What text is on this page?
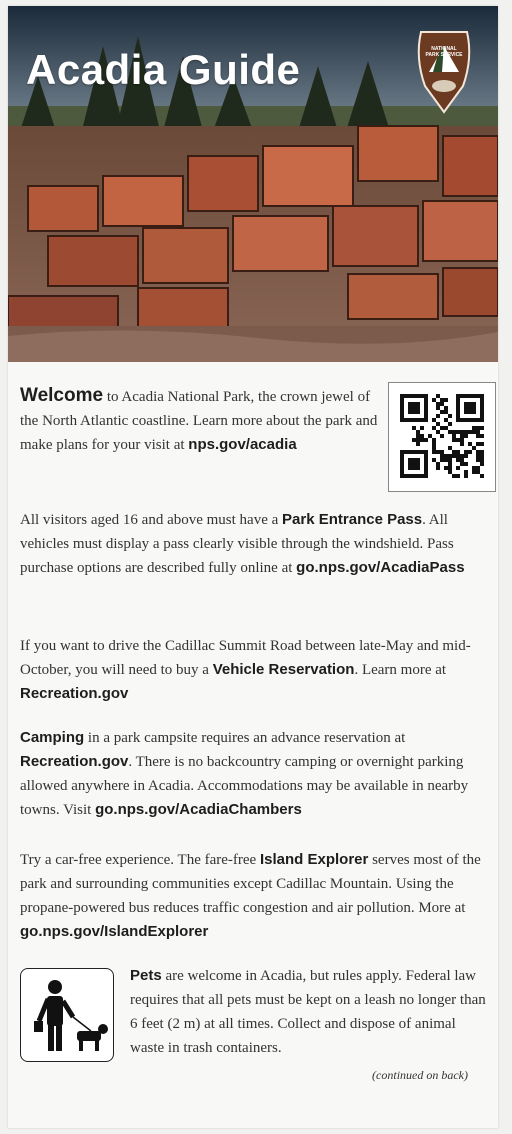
Acadia Guide	NATIONAL PARK SERVICE
Welcome to Acadia National Park, the crown jewel of the North Atlantic coastline. Learn more about the park and make plans for your visit at nps.gov/acadia
All visitors aged 16 and above must have a Park Entrance Pass. All vehicles must display a pass clearly visible through the windshield. Pass purchase options are described fully online at go.nps.gov/AcadiaPass
If you want to drive the Cadillac Summit Road between late-May and mid-October, you will need to buy a Vehicle Reservation. Learn more at Recreation.gov
Camping in a park campsite requires an advance reservation at Recreation.gov. There is no backcountry camping or overnight parking allowed anywhere in Acadia. Accommodations may be available in nearby towns. Visit go.nps.gov/AcadiaChambers
Try a car-free experience. The fare-free Island Explorer serves most of the park and surrounding communities except Cadillac Mountain. Using the propane-powered bus reduces traffic congestion and air pollution. More at go.nps.gov/IslandExplorer
Pets are welcome in Acadia, but rules apply. Federal law requires that all pets must be kept on a leash no longer than 6 feet (2 m) at all times. Collect and dispose of animal waste in trash containers.
(continued on back)
